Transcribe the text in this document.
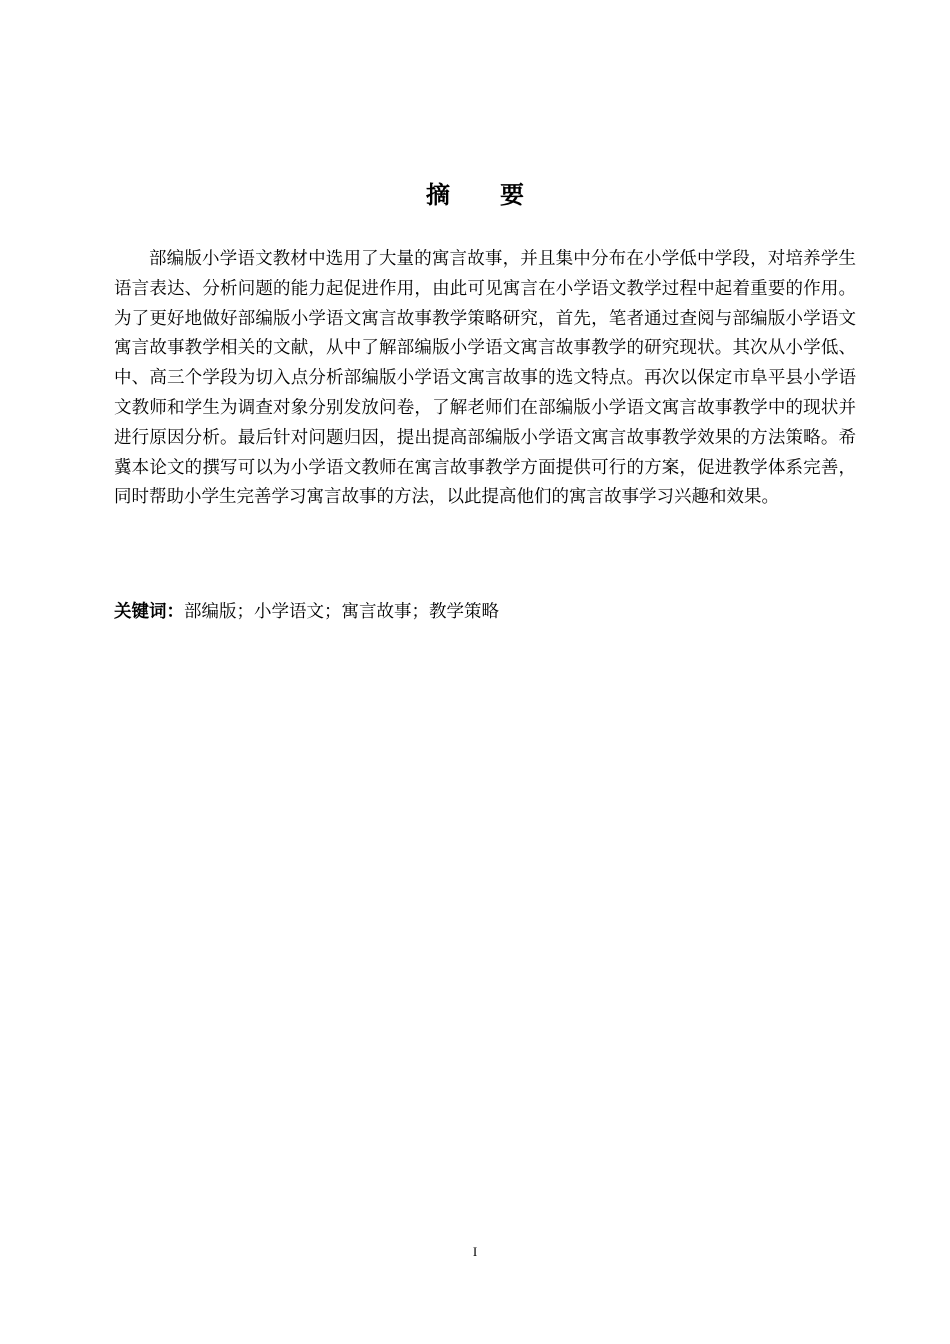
摘要

部编版小学语文教材中选用了大量的寓言故事，并且集中分布在小学低中学段，对培养学生语言表达、分析问题的能力起促进作用，由此可见寓言在小学语文教学过程中起着重要的作用。为了更好地做好部编版小学语文寓言故事教学策略研究，首先，笔者通过查阅与部编版小学语文寓言故事教学相关的文献，从中了解部编版小学语文寓言故事教学的研究现状。其次从小学低、中、高三个学段为切入点分析部编版小学语文寓言故事的选文特点。再次以保定市阜平县小学语文教师和学生为调查对象分别发放问卷，了解老师们在部编版小学语文寓言故事教学中的现状并进行原因分析。最后针对问题归因，提出提高部编版小学语文寓言故事教学效果的方法策略。希冀本论文的撰写可以为小学语文教师在寓言故事教学方面提供可行的方案，促进教学体系完善，同时帮助小学生完善学习寓言故事的方法，以此提高他们的寓言故事学习兴趣和效果。

关键词：部编版；小学语文；寓言故事；教学策略
I
